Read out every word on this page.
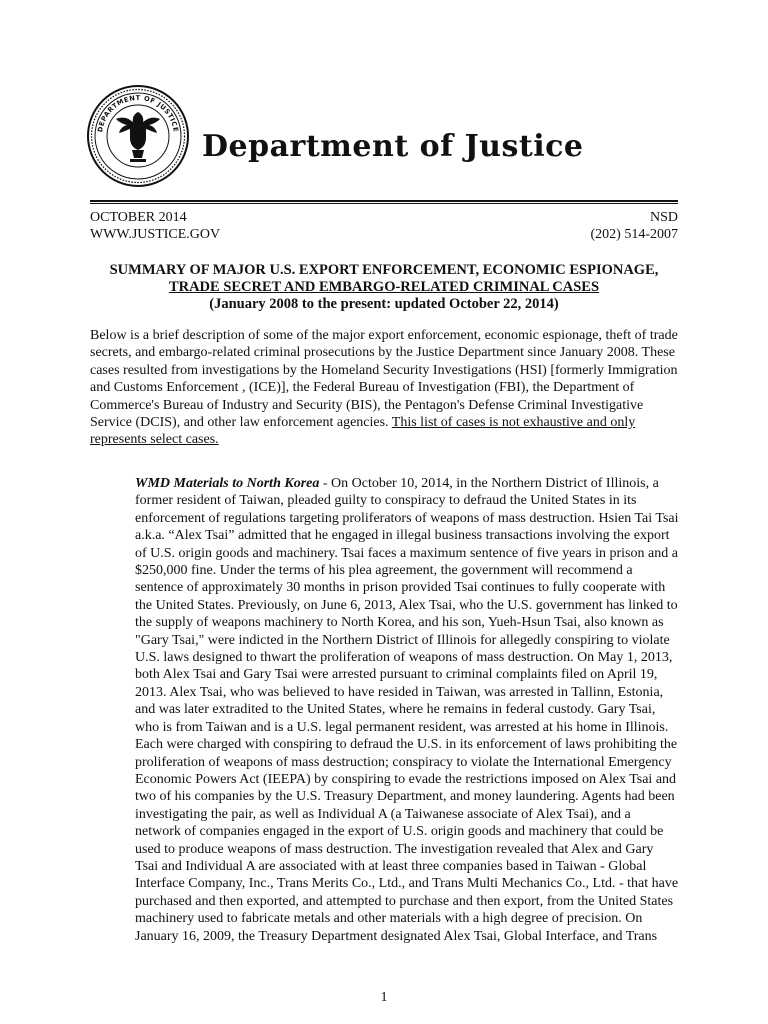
DEPARTMENT OF JUSTICE Department of Justice
OCTOBER 2014	NSD
WWW.JUSTICE.GOV	(202) 514-2007
SUMMARY OF MAJOR U.S. EXPORT ENFORCEMENT, ECONOMIC ESPIONAGE,
TRADE SECRET AND EMBARGO-RELATED CRIMINAL CASES
(January 2008 to the present: updated October 22, 2014)
Below is a brief description of some of the major export enforcement, economic espionage, theft of trade
secrets, and embargo-related criminal prosecutions by the Justice Department since January 2008. These
cases resulted from investigations by the Homeland Security Investigations (HSI) [formerly Immigration
and Customs Enforcement , (ICE)], the Federal Bureau of Investigation (FBI), the Department of
Commerce's Bureau of Industry and Security (BIS), the Pentagon's Defense Criminal Investigative
Service (DCIS), and other law enforcement agencies. This list of cases is not exhaustive and only
represents select cases.
WMD Materials to North Korea - On October 10, 2014, in the Northern District of Illinois, a
former resident of Taiwan, pleaded guilty to conspiracy to defraud the United States in its
enforcement of regulations targeting proliferators of weapons of mass destruction. Hsien Tai Tsai
a.k.a. “Alex Tsai” admitted that he engaged in illegal business transactions involving the export
of U.S. origin goods and machinery. Tsai faces a maximum sentence of five years in prison and a
$250,000 fine. Under the terms of his plea agreement, the government will recommend a
sentence of approximately 30 months in prison provided Tsai continues to fully cooperate with
the United States. Previously, on June 6, 2013, Alex Tsai, who the U.S. government has linked to
the supply of weapons machinery to North Korea, and his son, Yueh-Hsun Tsai, also known as
"Gary Tsai," were indicted in the Northern District of Illinois for allegedly conspiring to violate
U.S. laws designed to thwart the proliferation of weapons of mass destruction. On May 1, 2013,
both Alex Tsai and Gary Tsai were arrested pursuant to criminal complaints filed on April 19,
2013. Alex Tsai, who was believed to have resided in Taiwan, was arrested in Tallinn, Estonia,
and was later extradited to the United States, where he remains in federal custody. Gary Tsai,
who is from Taiwan and is a U.S. legal permanent resident, was arrested at his home in Illinois.
Each were charged with conspiring to defraud the U.S. in its enforcement of laws prohibiting the
proliferation of weapons of mass destruction; conspiracy to violate the International Emergency
Economic Powers Act (IEEPA) by conspiring to evade the restrictions imposed on Alex Tsai and
two of his companies by the U.S. Treasury Department, and money laundering. Agents had been
investigating the pair, as well as Individual A (a Taiwanese associate of Alex Tsai), and a
network of companies engaged in the export of U.S. origin goods and machinery that could be
used to produce weapons of mass destruction. The investigation revealed that Alex and Gary
Tsai and Individual A are associated with at least three companies based in Taiwan - Global
Interface Company, Inc., Trans Merits Co., Ltd., and Trans Multi Mechanics Co., Ltd. - that have
purchased and then exported, and attempted to purchase and then export, from the United States
machinery used to fabricate metals and other materials with a high degree of precision. On
January 16, 2009, the Treasury Department designated Alex Tsai, Global Interface, and Trans
1
